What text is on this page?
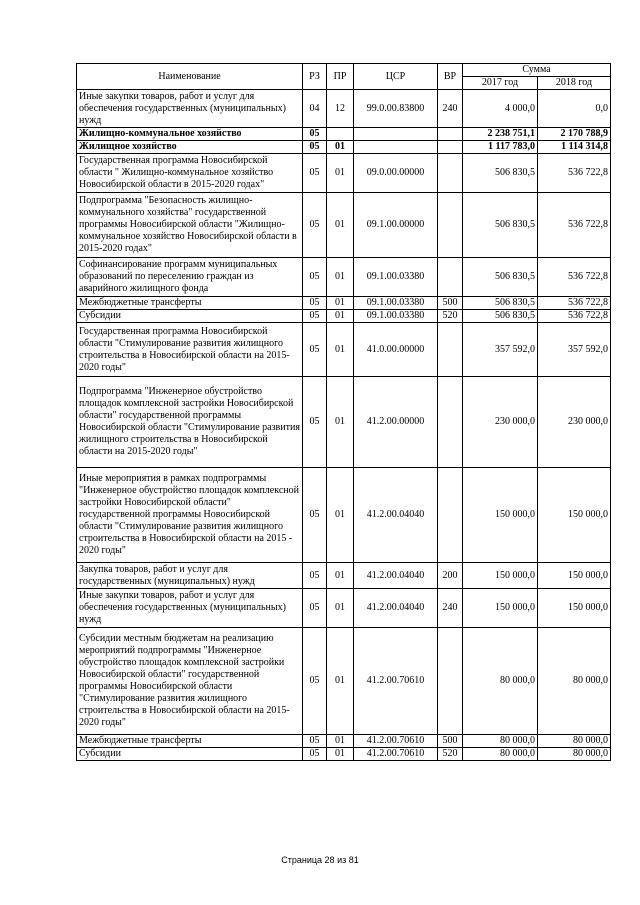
Наименование	РЗ	ПР	ЦСР	ВР	Сумма	
					2017 год	2018 год
Иные закупки товаров, работ и услуг для обеспечения государственных (муниципальных) нужд	04	12	99.0.00.83800	240	4 000,0	0,0
Жилищно-коммунальное хозяйство	05				2 238 751,1	2 170 788,9
Жилищное хозяйство	05	01			1 117 783,0	1 114 314,8
Государственная программа Новосибирской области " Жилищно-коммунальное хозяйство Новосибирской области в 2015-2020 годах"	05	01	09.0.00.00000		506 830,5	536 722,8
Подпрограмма "Безопасность жилищно-коммунального хозяйства" государственной программы Новосибирской области "Жилищно-коммунальное хозяйство Новосибирской области в 2015-2020 годах"	05	01	09.1.00.00000		506 830,5	536 722,8
Софинансирование программ муниципальных образований по переселению граждан из аварийного жилищного фонда	05	01	09.1.00.03380		506 830,5	536 722,8
Межбюджетные трансферты	05	01	09.1.00.03380	500	506 830,5	536 722,8
Субсидии	05	01	09.1.00.03380	520	506 830,5	536 722,8
Государственная программа Новосибирской области "Стимулирование развития жилищного строительства в Новосибирской области на 2015-2020 годы"	05	01	41.0.00.00000		357 592,0	357 592,0
Подпрограмма "Инженерное обустройство площадок комплексной застройки Новосибирской области" государственной программы Новосибирской области "Стимулирование развития жилищного строительства в Новосибирской области на 2015-2020 годы"	05	01	41.2.00.00000		230 000,0	230 000,0
Иные мероприятия в рамках подпрограммы "Инженерное обустройство площадок комплексной застройки Новосибирской области" государственной программы Новосибирской области "Стимулирование развития жилищного строительства в Новосибирской области на 2015 - 2020 годы"	05	01	41.2.00.04040		150 000,0	150 000,0
Закупка товаров, работ и услуг для государственных (муниципальных) нужд	05	01	41.2.00.04040	200	150 000,0	150 000,0
Иные закупки товаров, работ и услуг для обеспечения государственных (муниципальных) нужд	05	01	41.2.00.04040	240	150 000,0	150 000,0
Субсидии местным бюджетам на реализацию мероприятий подпрограммы "Инженерное обустройство площадок комплексной застройки Новосибирской области" государственной программы Новосибирской области "Стимулирование развития жилищного строительства в Новосибирской области на 2015-2020 годы"	05	01	41.2.00.70610		80 000,0	80 000,0
Межбюджетные трансферты	05	01	41.2.00.70610	500	80 000,0	80 000,0
Субсидии	05	01	41.2.00.70610	520	80 000,0	80 000,0
Страница 28 из 81
